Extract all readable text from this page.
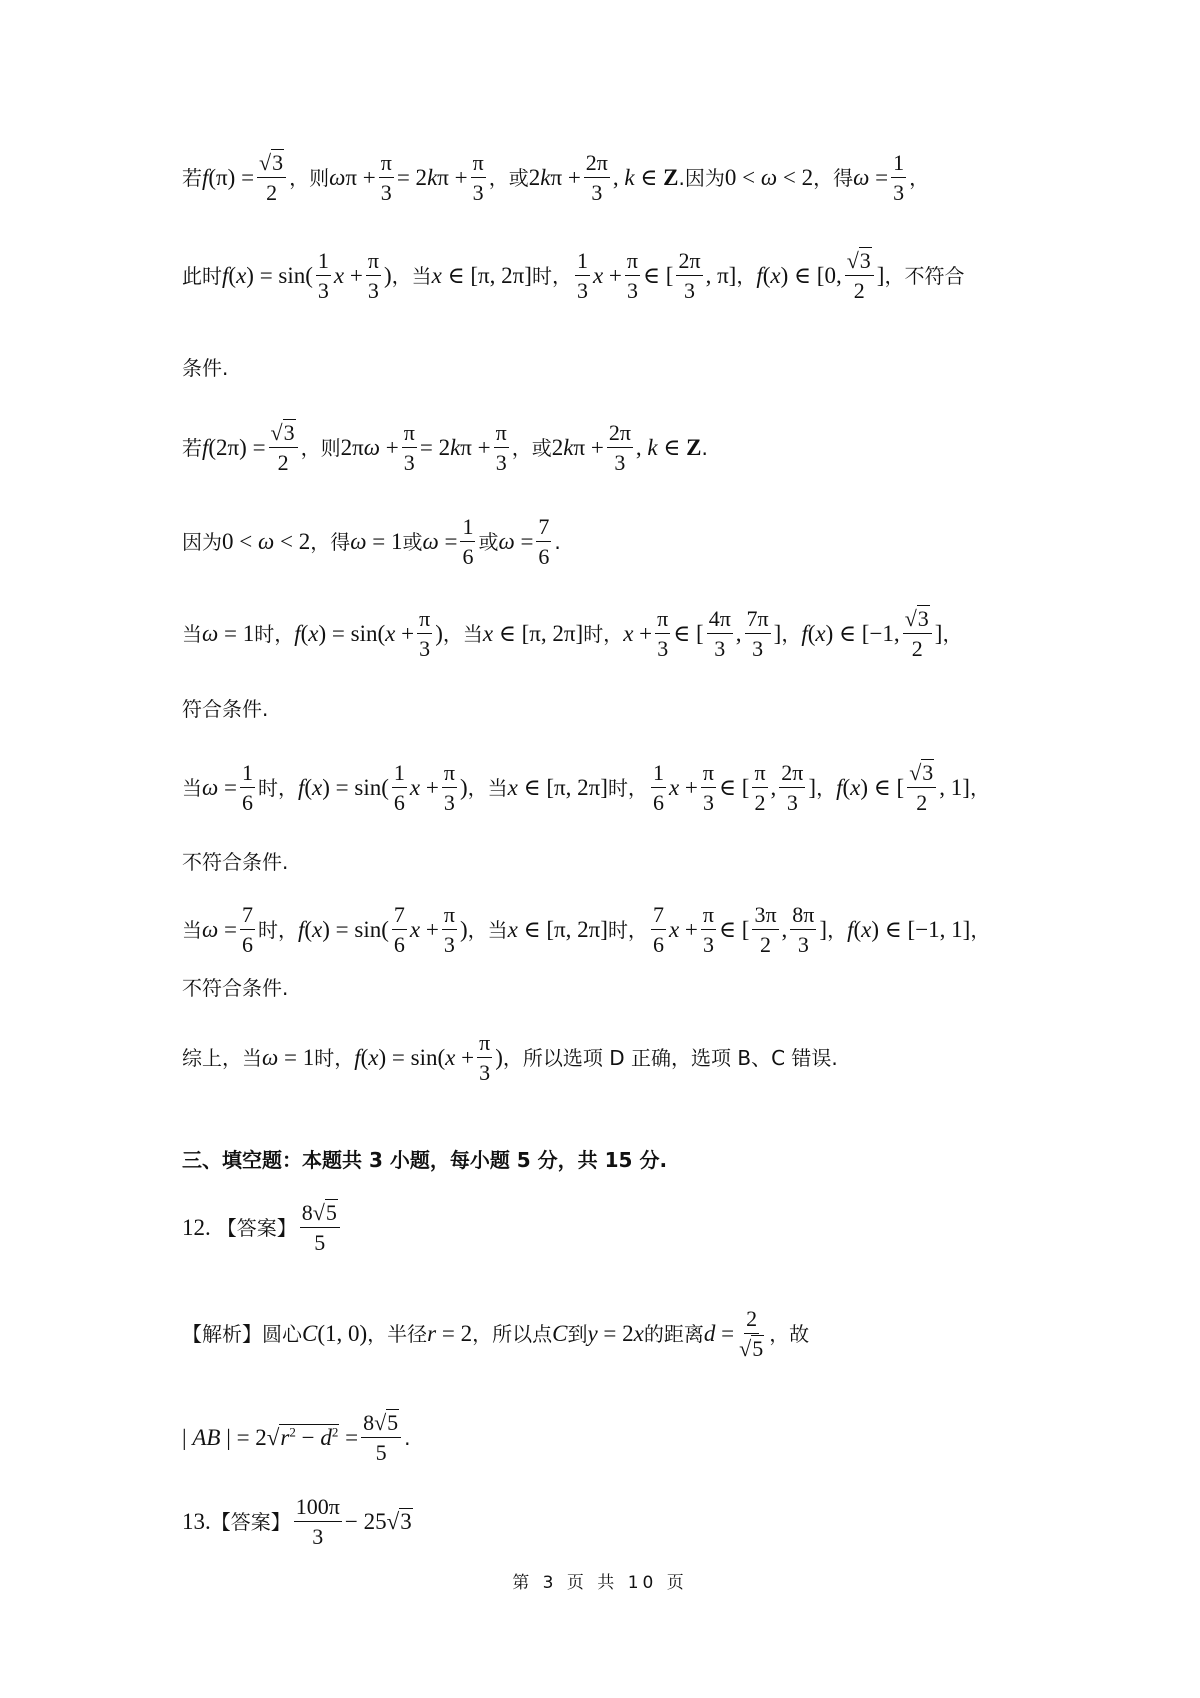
若 $f(\pi) = \frac{√3}{2}$ ，则 $\omega\pi + \frac{\pi}{3} = 2k\pi + \frac{\pi}{3}$ ，或 $2k\pi + \frac{2\pi}{3}$ , k ∈ Z .因为 0 < ω < 2 ，得 $\omega = \frac{1}{3}$ ，
此时 $f(x) = \sin( \frac{1}{3}$ $x + \frac{\pi}{3}$ ) ，当 x ∈ [π, 2π] 时， $\frac{1}{3}$ $x + \frac{\pi}{3}$ ∈ [ $\frac{2\pi}{3}$ , π] ， f(x) ∈ [0, $\frac{√3}{2}$ ] ，不符合
条件.
若 $f(2\pi) = \frac{√3}{2}$ ，则 $2\pi\omega + \frac{\pi}{3} = 2k\pi + \frac{\pi}{3}$ ，或 $2k\pi + \frac{2\pi}{3}$ , k ∈ Z .
因为 0 < ω < 2 ，得 ω = 1 或 $\omega = \frac{1}{6}$ 或 $\omega = \frac{7}{6}$ .
当 ω = 1 时， $f(x) = \sin(x + \frac{\pi}{3}$ ) ，当 x ∈ [π, 2π] 时， $x + \frac{\pi}{3}$ ∈ [ $\frac{4\pi}{3}$ , $\frac{7\pi}{3}$ ] ， f(x) ∈ [−1, $\frac{√3}{2}$ ] ，
符合条件.
当 $\omega = \frac{1}{6}$ 时， $f(x) = \sin( \frac{1}{6}$ $x + \frac{\pi}{3}$ ) ，当 x ∈ [π, 2π] 时， $\frac{1}{6}$ $x + \frac{\pi}{3}$ ∈ [ $\frac{\pi}{2}$ , $\frac{2\pi}{3}$ ] ， f(x) ∈ [ $\frac{√3}{2}$ , 1] ，
不符合条件.
当 $\omega = \frac{7}{6}$ 时， $f(x) = \sin( \frac{7}{6}$ $x + \frac{\pi}{3}$ ) ，当 x ∈ [π, 2π] 时， $\frac{7}{6}$ $x + \frac{\pi}{3}$ ∈ [ $\frac{3\pi}{2}$ , $\frac{8\pi}{3}$ ] ， f(x) ∈ [−1, 1] ，
不符合条件.
综上，当 ω = 1 时， $f(x) = \sin(x + \frac{\pi}{3}$ ) ，所以选项 D 正确，选项 B、C 错误.
三、填空题：本题共 3 小题，每小题 5 分，共 15 分.
12. 【答案】 $\frac{8√5}{5}$
【解析】 圆心 C(1, 0) ，半径 r = 2 ，所以点 C 到 y = 2x 的距离 $d = \frac{2}{√5}$ ，故
| AB | = $2√r^2 - d^2 = \frac{8√5}{5}$ .
13. 【答案】 $\frac{100\pi}{3} - 25√3$
第 3 页 共 10 页
